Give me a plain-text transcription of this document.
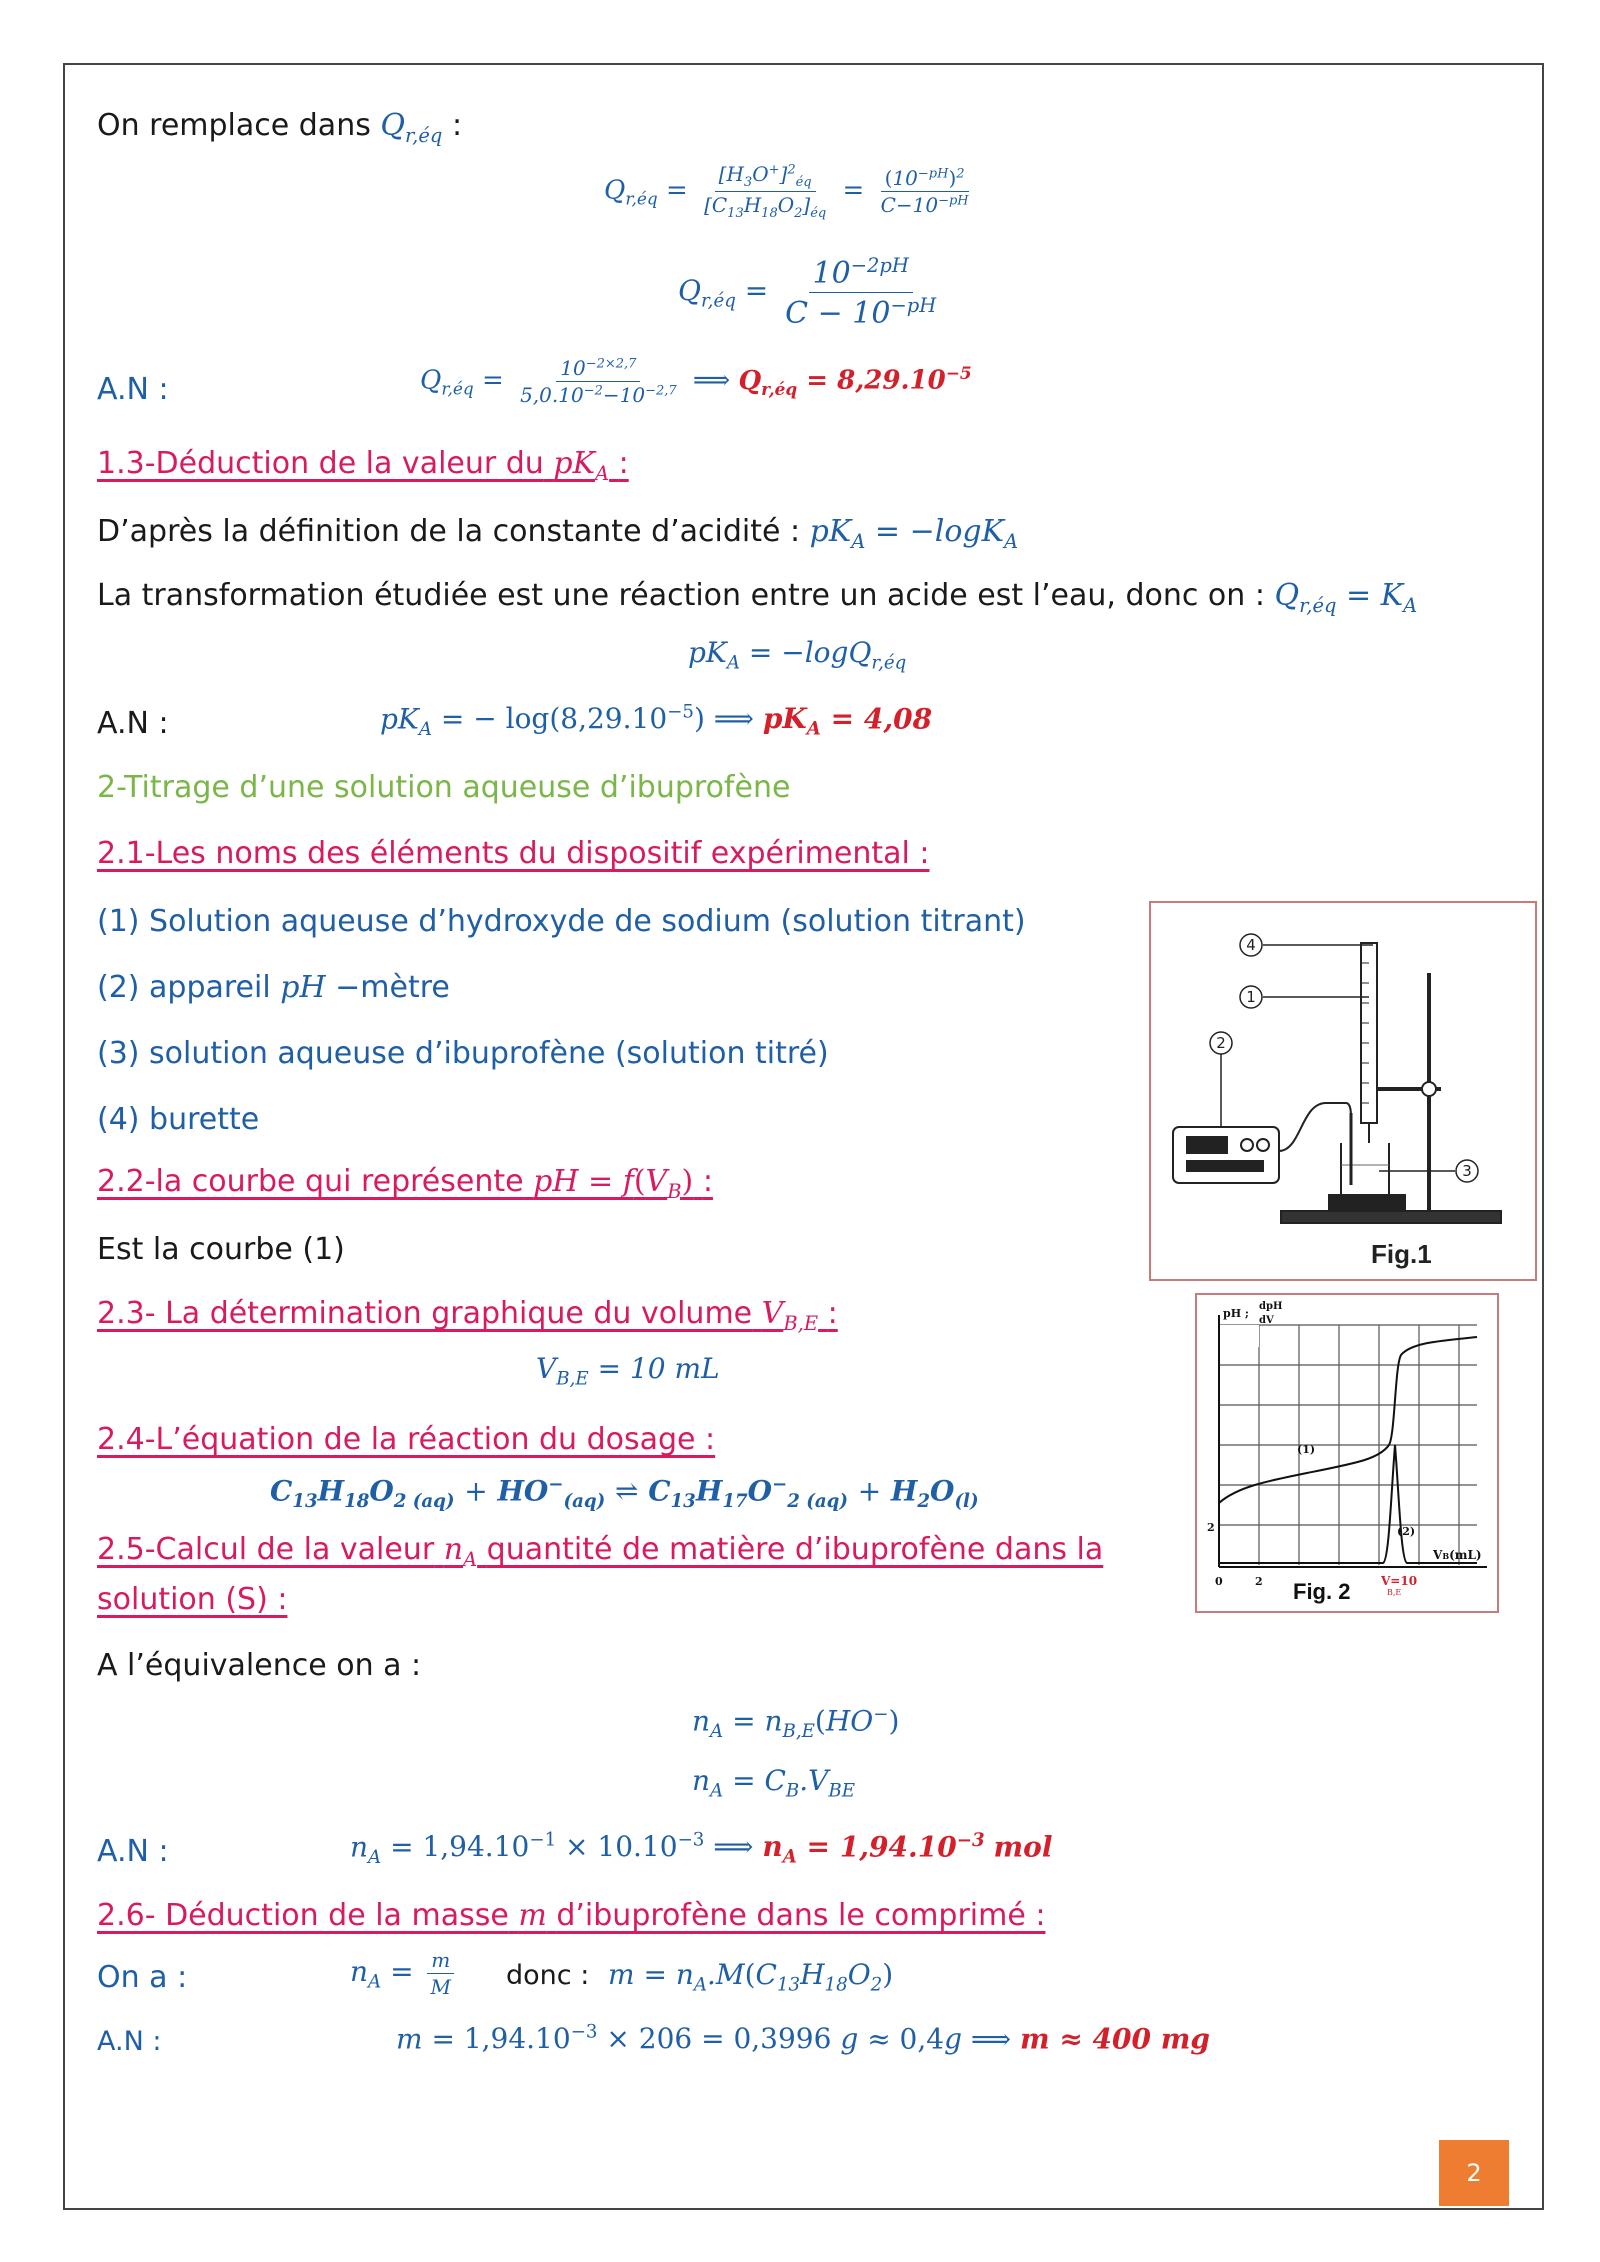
On remplace dans $Q_{r,éq}$ :
$Q_{r,éq} = \frac{[H_3O^+]^2_{éq}}{[C_{13}H_{18}O_2]_{éq}} = \frac{(10^{-pH})^2}{C-10^{-pH}}$
$Q_{r,éq} = \frac{10^{-2pH}}{C - 10^{-pH}}$
A.N :	$Q_{r,éq} = \frac{10^{-2\times 2,7}}{5,0.10^{-2}-10^{-2,7}}$ ⟹ $Q_{r,éq} = 8,29.10^{-5}$
1.3-Déduction de la valeur du $pK_A$ :
D’après la définition de la constante d’acidité : $pK_A = -\log K_A$
La transformation étudiée est une réaction entre un acide est l’eau, donc on : $Q_{r,éq} = K_A$
$pK_A = -\log Q_{r,éq}$
A.N :	$pK_A$ = − $\log(8,29.10^{-5})$ ⟹ $pK_A = 4,08$
2-Titrage d’une solution aqueuse d’ibuprofène
2.1-Les noms des éléments du dispositif expérimental :
(1) Solution aqueuse d’hydroxyde de sodium (solution titrant)
(2) appareil pH −mètre
(3) solution aqueuse d’ibuprofène (solution titré)
(4) burette
2.2-la courbe qui représente pH = $f(V_B)$ :
Est la courbe (1)
2.3- La détermination graphique du volume $V_{B,E}$ :
$V_{B,E} = 10$ mL
2.4-L’équation de la réaction du dosage :
$C_{13}H_{18}O_{2 (aq)} + HO^-_{(aq)}$ ⇌ $C_{13}H_{17}O^-_{2 (aq)} + H_2O_{(l)}$
2.5-Calcul de la valeur $n_A$ quantité de matière d’ibuprofène dans la
solution (S) :
A l’équivalence on a :
$n_A = n_{B,E}(HO^-)$
$n_A = C_B.V_{BE}$
A.N :	$n_A = 1,94.10^{-1} \times 10.10^{-3}$ ⟹ $n_A = 1,94.10^{-3}$ mol
2.6- Déduction de la masse m d’ibuprofène dans le comprimé :
On a :	$n_A = \frac{m}{M}$ donc : $m = n_A.M(C_{13}H_{18}O_2)$
A.N :	$m = 1,94.10^{-3} \times 206 = 0,3996$ g ≈ 0,4g ⟹ m ≈ 400 mg
4
1
2
3
Fig.1
pH ;
dpH
dV
(1)
(2)
2
0	2
VB(mL)
V=10
B,E
Fig. 2
2
